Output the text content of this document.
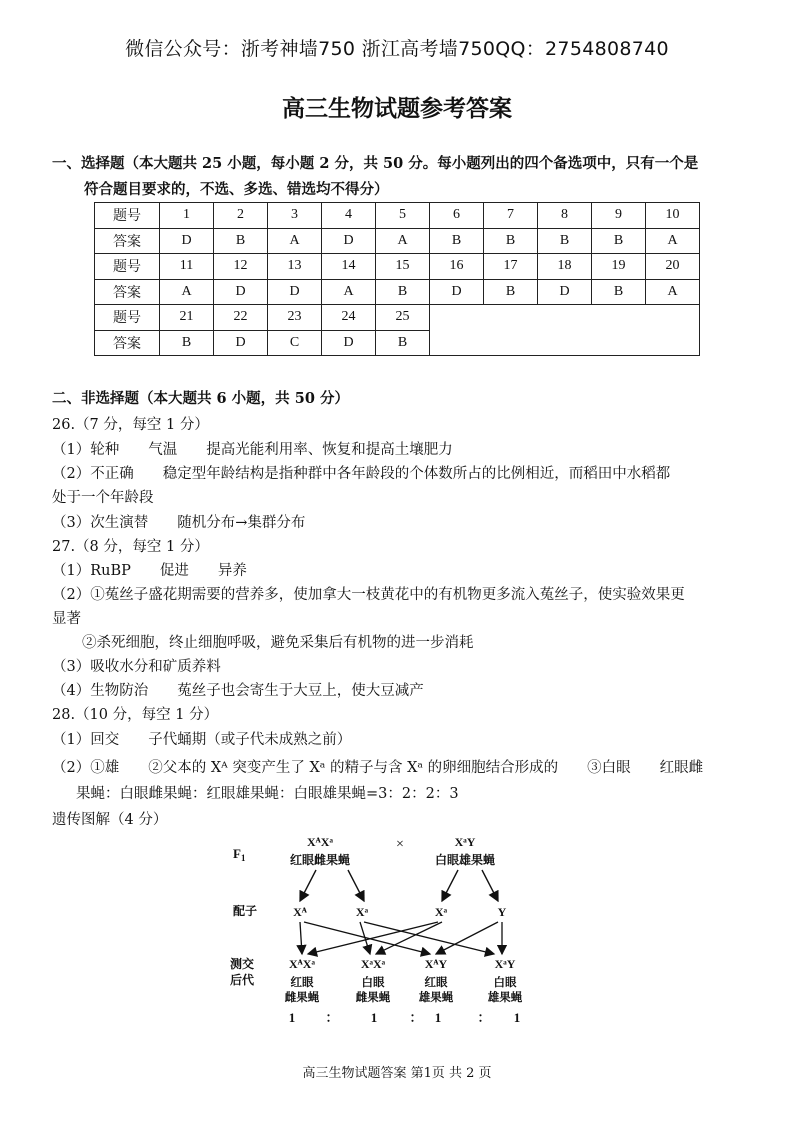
微信公众号：浙考神墙750 浙江高考墙750QQ：2754808740
高三生物试题参考答案
一、选择题（本大题共 25 小题，每小题 2 分，共 50 分。每小题列出的四个备选项中，只有一个是
符合题目要求的，不选、多选、错选均不得分）
题号	1	2	3	4	5	6	7	8	9	10
答案	D	B	A	D	A	B	B	B	B	A
题号	11	12	13	14	15	16	17	18	19	20
答案	A	D	D	A	B	D	B	D	B	A
题号	21	22	23	24	25					
答案	B	D	C	D	B					
二、非选择题（本大题共 6 小题，共 50 分）
26.（7 分，每空 1 分）
（1）轮种　　气温　　提高光能利用率、恢复和提高土壤肥力
（2）不正确　　稳定型年龄结构是指种群中各年龄段的个体数所占的比例相近，而稻田中水稻都
处于一个年龄段
（3）次生演替　　随机分布→集群分布
27.（8 分，每空 1 分）
（1）RuBP　　促进　　异养
（2）①菟丝子盛花期需要的营养多，使加拿大一枝黄花中的有机物更多流入菟丝子，使实验效果更
显著
②杀死细胞，终止细胞呼吸，避免采集后有机物的进一步消耗
（3）吸收水分和矿质养料
（4）生物防治　　菟丝子也会寄生于大豆上，使大豆减产
28.（10 分，每空 1 分）
（1）回交　　子代蛹期（或子代未成熟之前）
（2）①雄　　②父本的 Xᴬ 突变产生了 Xᵃ 的精子与含 Xᵃ 的卵细胞结合形成的　　③白眼　　红眼雌
果蝇：白眼雌果蝇：红眼雄果蝇：白眼雄果蝇=3：2：2：3
遗传图解（4 分）
$F_1$
XᴬXᵃ
红眼雌果蝇
×	XᵃY
白眼雄果蝇
配子	Xᴬ	Xᵃ	Xᵃ	Y
测交
后代
XᴬXᵃ
红眼
雌果蝇
XᵃXᵃ
白眼
雌果蝇
XᴬY
红眼
雄果蝇
XᵃY
白眼
雄果蝇
1 ： 1 ： 1	： 1
高三生物试题答案 第1页 共 2 页
